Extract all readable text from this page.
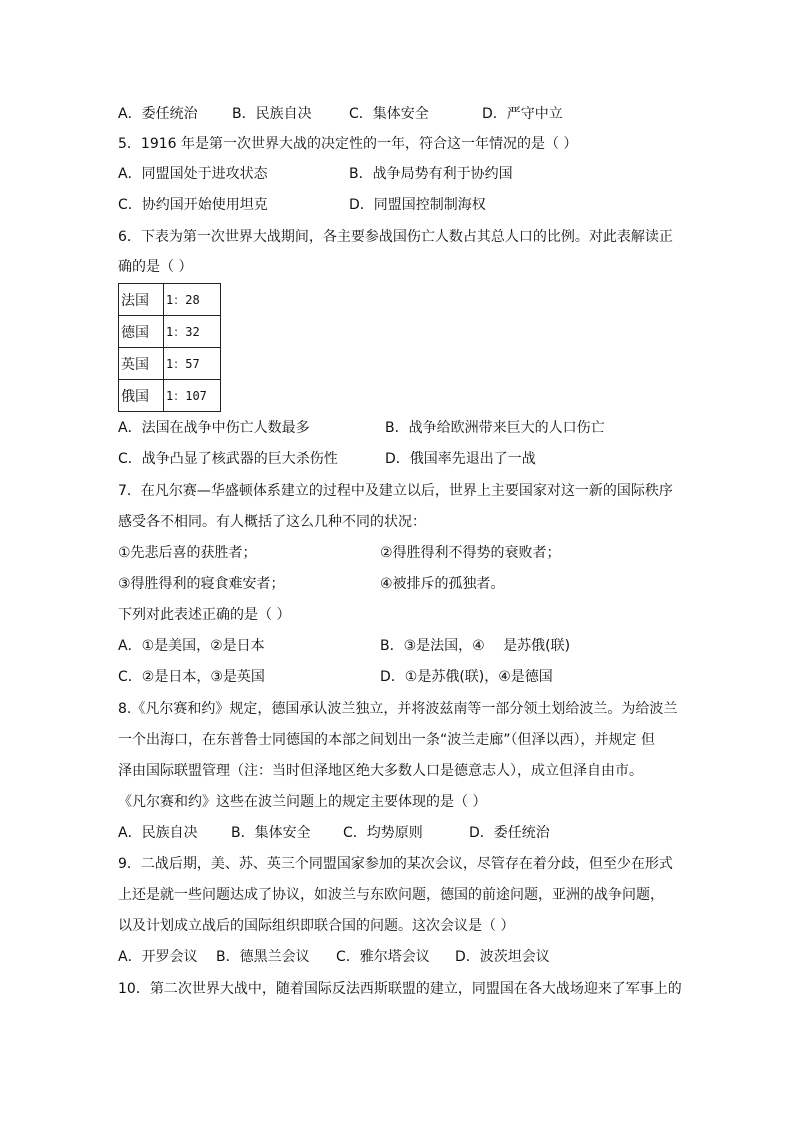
A．委任统治 B．民族自决	C．集体安全	D．严守中立
5．1916 年是第一次世界大战的决定性的一年，符合这一年情况的是（ ）
A．同盟国处于进攻状态	B．战争局势有利于协约国
C．协约国开始使用坦克	D．同盟国控制制海权
6．下表为第一次世界大战期间，各主要参战国伤亡人数占其总人口的比例。对此表解读正
确的是（ ）
法国	1：28
德国	1：32
英国	1：57
俄国	1：107
A．法国在战争中伤亡人数最多	B．战争给欧洲带来巨大的人口伤亡
C．战争凸显了核武器的巨大杀伤性	D．俄国率先退出了一战
7．在凡尔赛—华盛顿体系建立的过程中及建立以后，世界上主要国家对这一新的国际秩序
感受各不相同。有人概括了这么几种不同的状况：
①先悲后喜的获胜者；	②得胜得利不得势的衰败者；
③得胜得利的寝食难安者；	④被排斥的孤独者。
下列对此表述正确的是（ ）
A．①是美国，②是日本	B．③是法国，④　 是苏俄(联)
C．②是日本，③是英国	D．①是苏俄(联)，④是德国
8.《凡尔赛和约》规定，德国承认波兰独立，并将波兹南等一部分领土划给波兰。为给波兰
一个出海口，在东普鲁士同德国的本部之间划出一条“波兰走廊”（但泽以西），并规定 但
泽由国际联盟管理（注：当时但泽地区绝大多数人口是德意志人），成立但泽自由市。
《凡尔赛和约》这些在波兰问题上的规定主要体现的是（ ）
A．民族自决 B．集体安全 C．均势原则	D．委任统治
9．二战后期，美、苏、英三个同盟国家参加的某次会议，尽管存在着分歧，但至少在形式
上还是就一些问题达成了协议，如波兰与东欧问题，德国的前途问题，亚洲的战争问题，
以及计划成立战后的国际组织即联合国的问题。这次会议是（ ）
A．开罗会议 B．德黑兰会议 C．雅尔塔会议 D．波茨坦会议
10．第二次世界大战中，随着国际反法西斯联盟的建立，同盟国在各大战场迎来了军事上的
